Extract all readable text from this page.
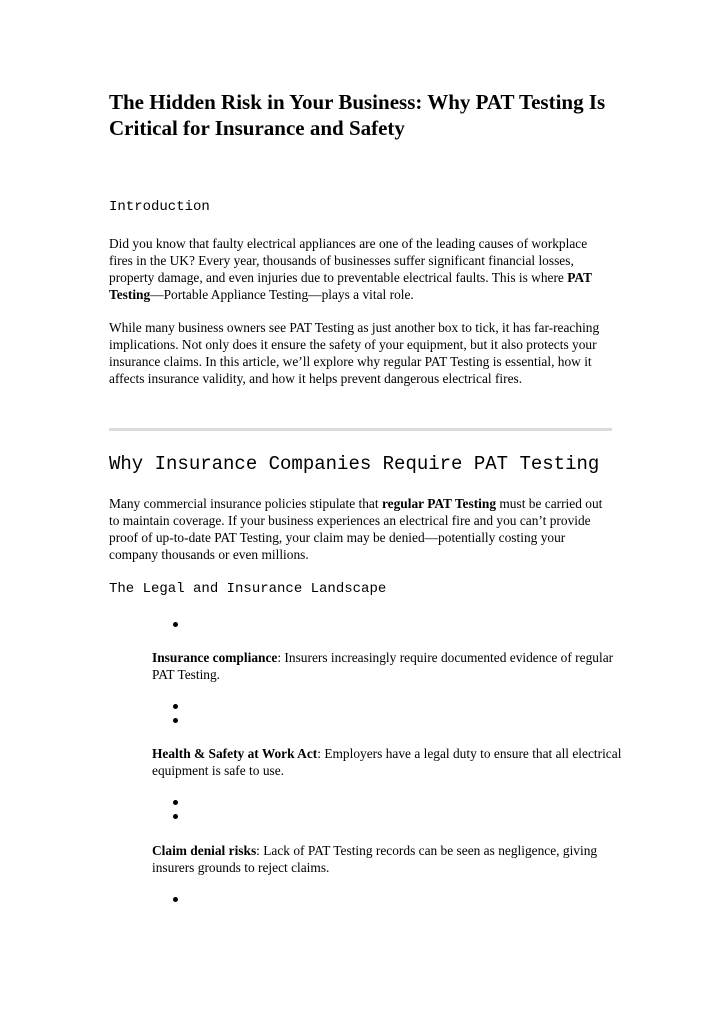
The Hidden Risk in Your Business: Why PAT Testing Is Critical for Insurance and Safety
Introduction

Did you know that faulty electrical appliances are one of the leading causes of workplace fires in the UK? Every year, thousands of businesses suffer significant financial losses, property damage, and even injuries due to preventable electrical faults. This is where PAT Testing—Portable Appliance Testing—plays a vital role.

While many business owners see PAT Testing as just another box to tick, it has far-reaching implications. Not only does it ensure the safety of your equipment, but it also protects your insurance claims. In this article, we’ll explore why regular PAT Testing is essential, how it affects insurance validity, and how it helps prevent dangerous electrical fires.

Why Insurance Companies Require PAT Testing

Many commercial insurance policies stipulate that regular PAT Testing must be carried out to maintain coverage. If your business experiences an electrical fire and you can’t provide proof of up-to-date PAT Testing, your claim may be denied—potentially costing your company thousands or even millions.

The Legal and Insurance Landscape

Insurance compliance: Insurers increasingly require documented evidence of regular PAT Testing.

Health & Safety at Work Act: Employers have a legal duty to ensure that all electrical equipment is safe to use.

Claim denial risks: Lack of PAT Testing records can be seen as negligence, giving insurers grounds to reject claims.
